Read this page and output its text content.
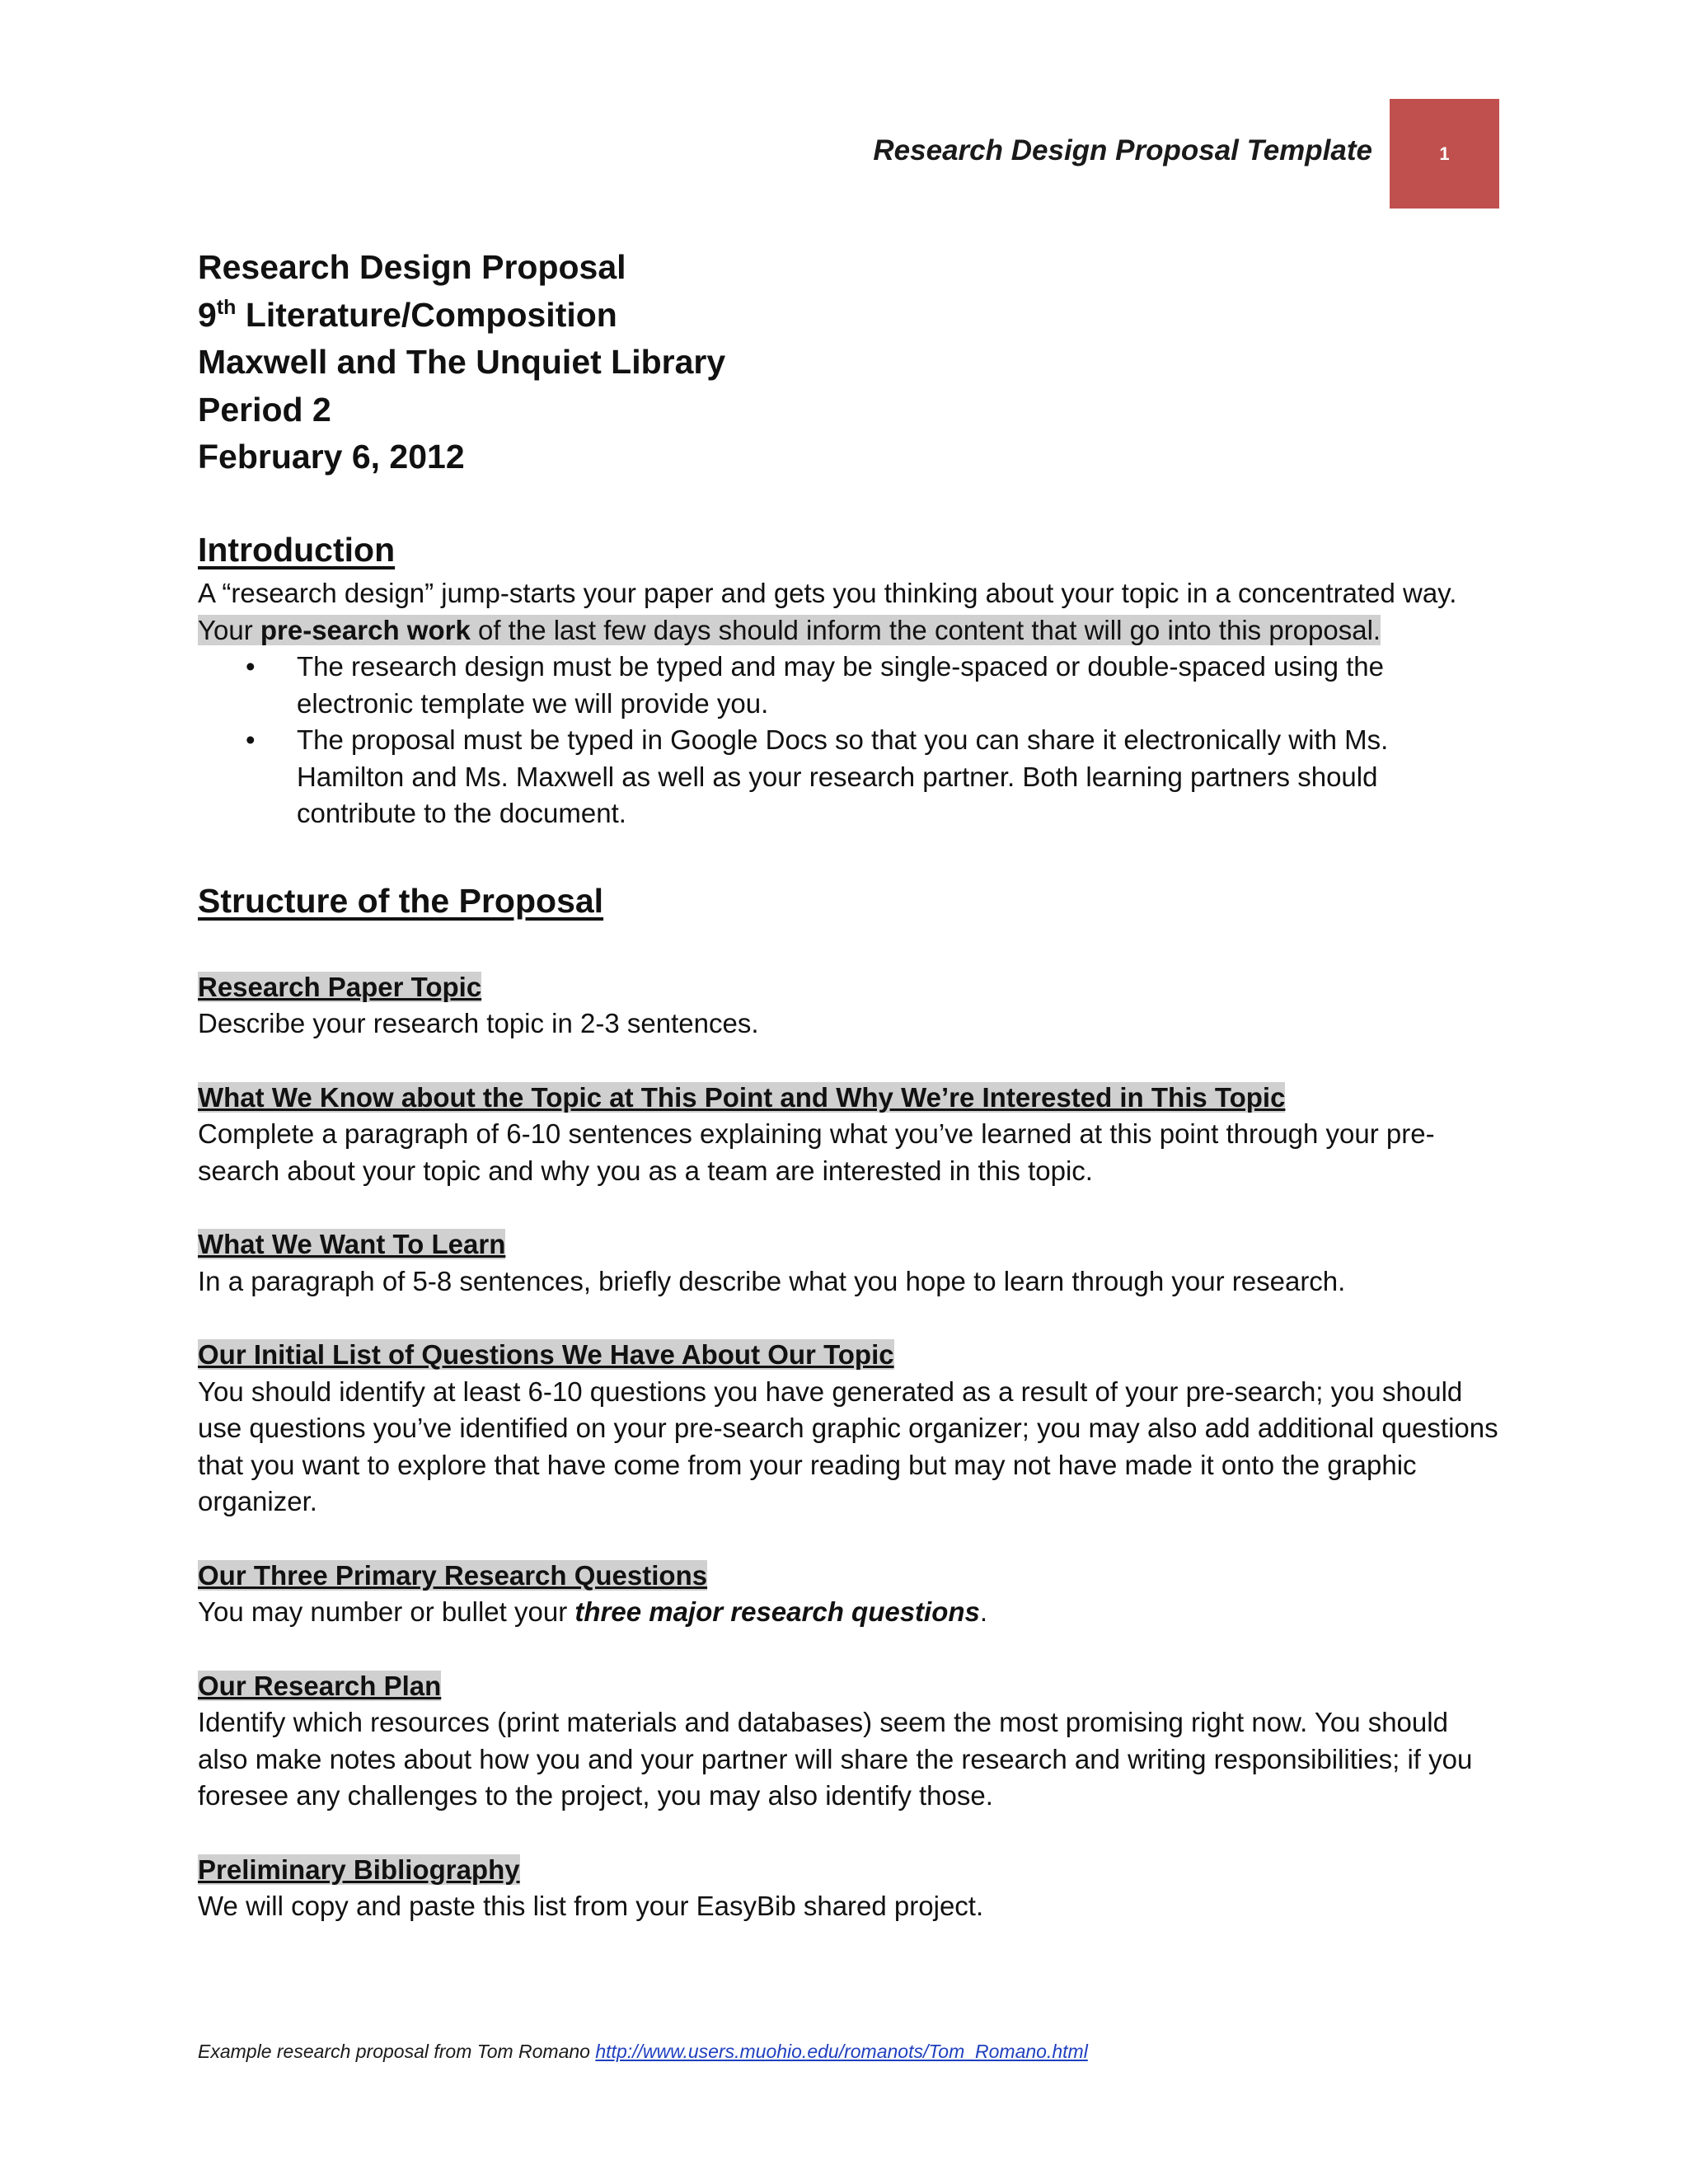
Research Design Proposal Template	1
Research Design Proposal
9th Literature/Composition
Maxwell and The Unquiet Library
Period 2
February 6, 2012
Introduction

A “research design” jump-starts your paper and gets you thinking about your topic in a concentrated way. Your pre-search work of the last few days should inform the content that will go into this proposal.

• The research design must be typed and may be single-spaced or double-spaced using the electronic template we will provide you.
• The proposal must be typed in Google Docs so that you can share it electronically with Ms. Hamilton and Ms. Maxwell as well as your research partner. Both learning partners should contribute to the document.
Structure of the Proposal

Research Paper Topic

Describe your research topic in 2-3 sentences.

What We Know about the Topic at This Point and Why We’re Interested in This Topic

Complete a paragraph of 6-10 sentences explaining what you’ve learned at this point through your pre-search about your topic and why you as a team are interested in this topic.

What We Want To Learn

In a paragraph of 5-8 sentences, briefly describe what you hope to learn through your research.

Our Initial List of Questions We Have About Our Topic

You should identify at least 6-10 questions you have generated as a result of your pre-search; you should use questions you’ve identified on your pre-search graphic organizer; you may also add additional questions that you want to explore that have come from your reading but may not have made it onto the graphic organizer.

Our Three Primary Research Questions

You may number or bullet your three major research questions.

Our Research Plan

Identify which resources (print materials and databases) seem the most promising right now. You should also make notes about how you and your partner will share the research and writing responsibilities; if you foresee any challenges to the project, you may also identify those.

Preliminary Bibliography

We will copy and paste this list from your EasyBib shared project.

Example research proposal from Tom Romano http://www.users.muohio.edu/romanots/Tom_Romano.html
